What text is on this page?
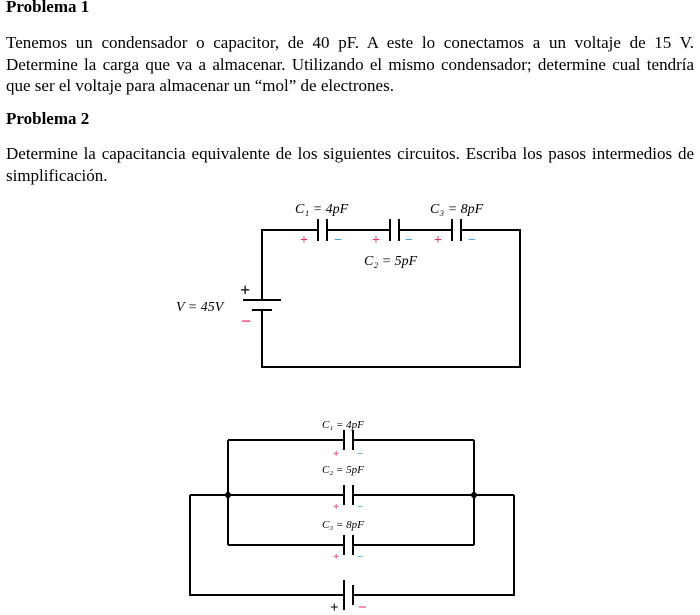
Problema 1
Tenemos un condensador o capacitor, de 40 pF. A este lo conectamos a un voltaje de 15 V. Determine la carga que va a almacenar. Utilizando el mismo condensador; determine cual tendría que ser el voltaje para almacenar un “mol” de electrones.
Problema 2
Determine la capacitancia equivalente de los siguientes circuitos. Escriba los pasos intermedios de simplificación.
C₁ = 4pF	C₃ = 8pF
C₂ = 5pF
V = 45V
+ − + − + −
+
−
C₁ = 4pF
C₂ = 5pF
C₃ = 8pF
+ −
+ −
+ −
+ −
